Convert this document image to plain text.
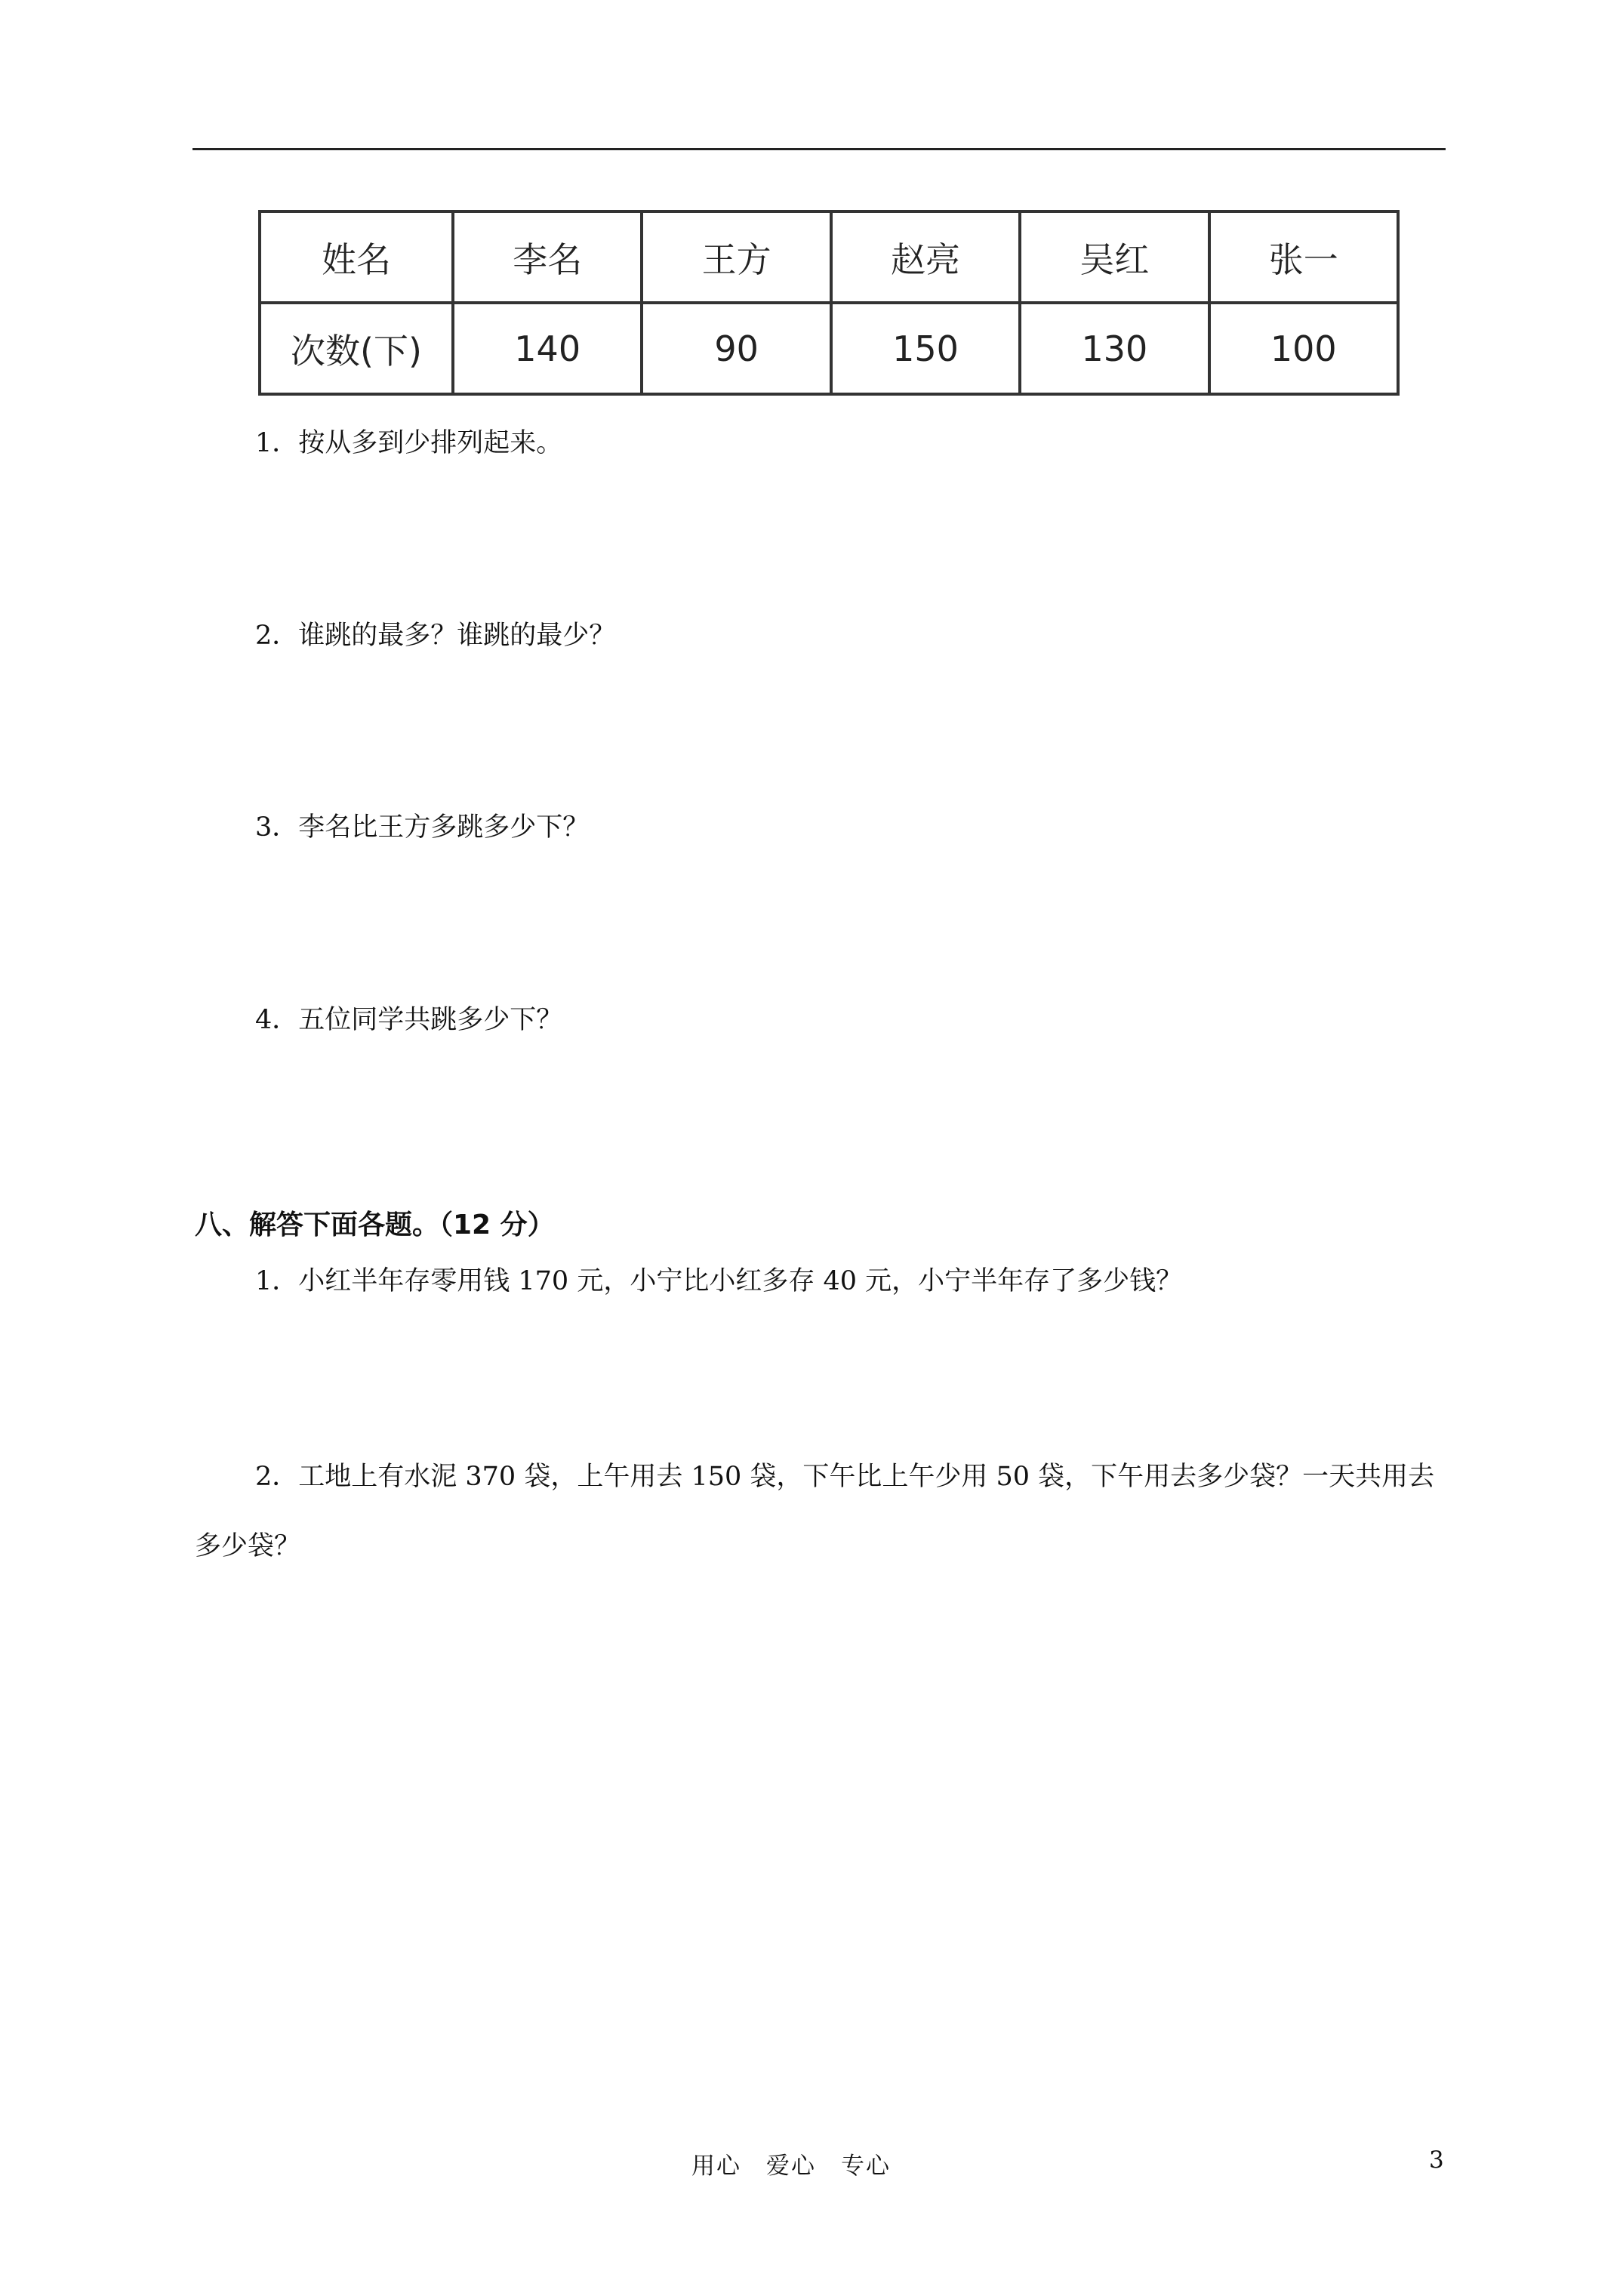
姓名	李名	王方	赵亮	吴红	张一
次数(下)	140	90	150	130	100
1．按从多到少排列起来。
2．谁跳的最多？谁跳的最少？
3．李名比王方多跳多少下？
4．五位同学共跳多少下？
八、解答下面各题。（12 分）
1．小红半年存零用钱 170 元，小宁比小红多存 40 元，小宁半年存了多少钱？
2．工地上有水泥 370 袋，上午用去 150 袋，下午比上午少用 50 袋，下午用去多少袋？一天共用去多少袋？
用心　爱心　专心	3
